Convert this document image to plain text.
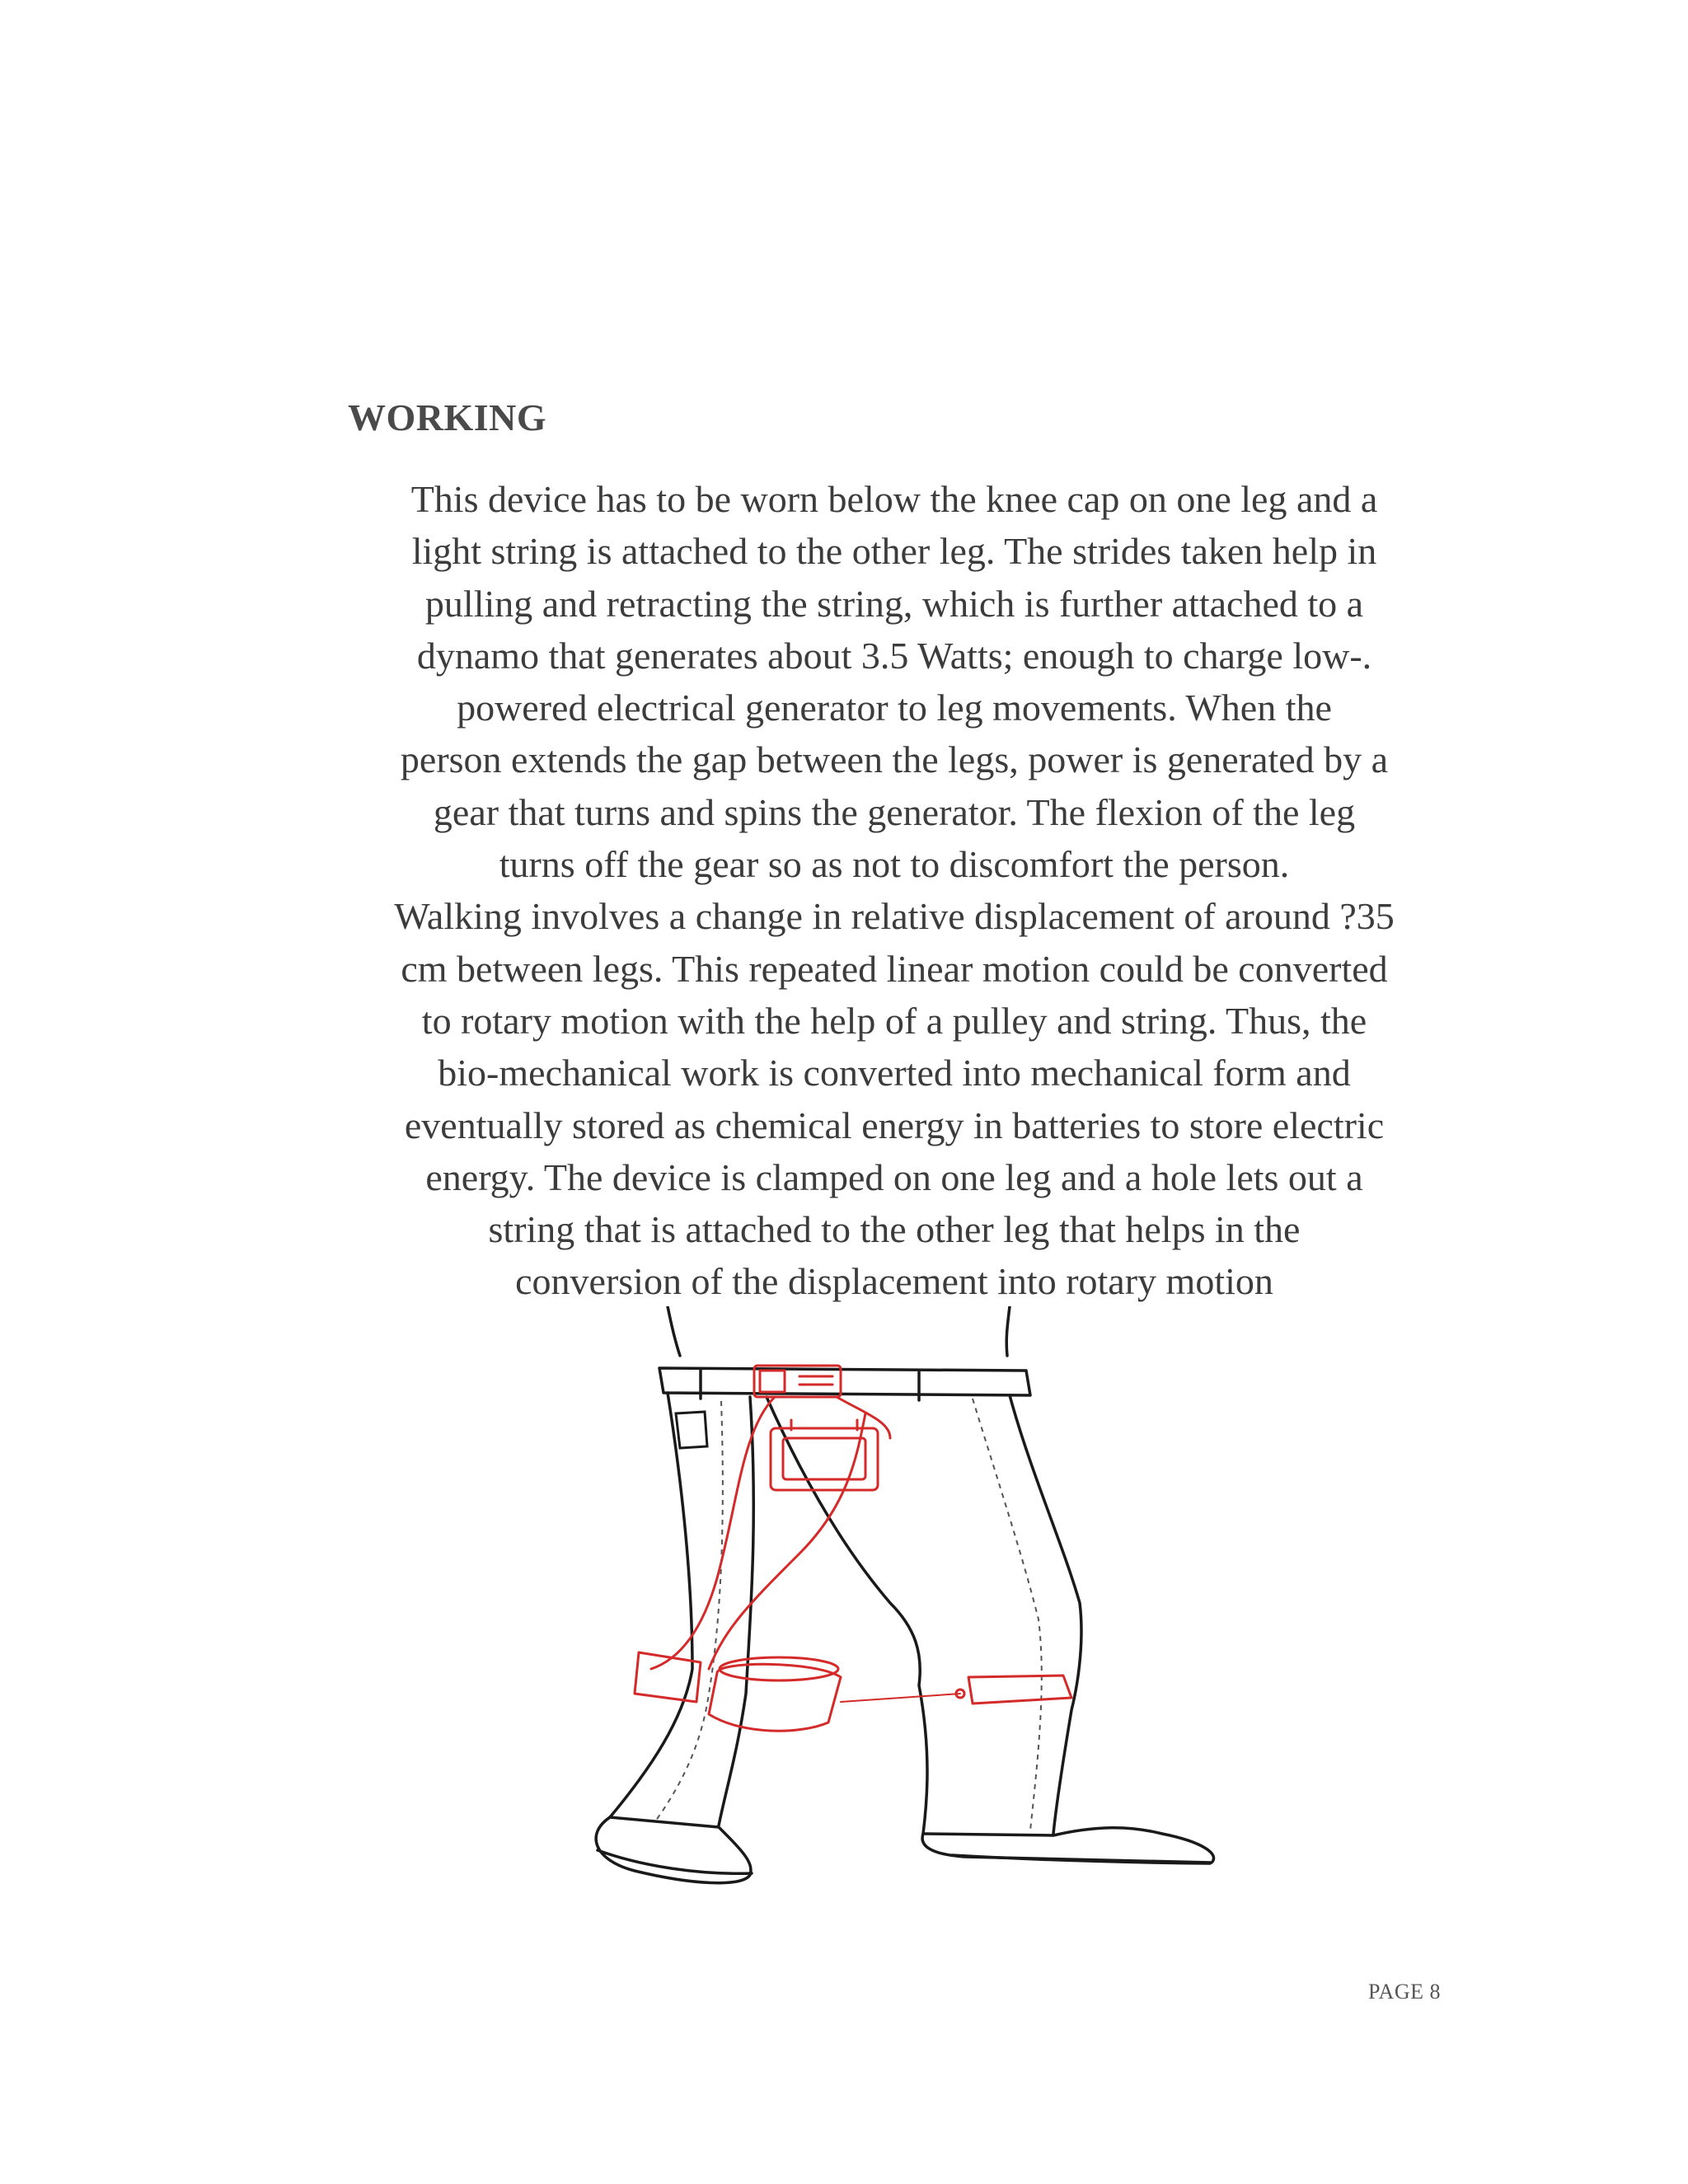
WORKING
This device has to be worn below the knee cap on one leg and a
light string is attached to the other leg. The strides taken help in
pulling and retracting the string, which is further attached to a
dynamo that generates about 3.5 Watts; enough to charge low-.
powered electrical generator to leg movements. When the
person extends the gap between the legs, power is generated by a
gear that turns and spins the generator. The flexion of the leg
turns off the gear so as not to discomfort the person.
Walking involves a change in relative displacement of around ?35
cm between legs. This repeated linear motion could be converted
to rotary motion with the help of a pulley and string. Thus, the
bio-mechanical work is converted into mechanical form and
eventually stored as chemical energy in batteries to store electric
energy. The device is clamped on one leg and a hole lets out a
string that is attached to the other leg that helps in the
conversion of the displacement into rotary motion
PAGE 8
